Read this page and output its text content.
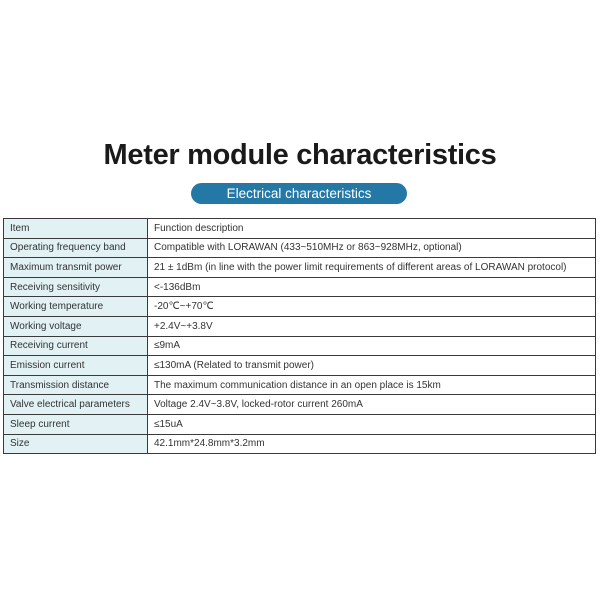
Meter module characteristics
Electrical characteristics
Item	Function description
Operating frequency band	Compatible with LORAWAN (433~510MHz or 863~928MHz, optional)
Maximum transmit power	21 ± 1dBm (in line with the power limit requirements of different areas of LORAWAN protocol)
Receiving sensitivity	<-136dBm
Working temperature	-20℃~+70℃
Working voltage	+2.4V~+3.8V
Receiving current	≤9mA
Emission current	≤130mA (Related to transmit power)
Transmission distance	The maximum communication distance in an open place is 15km
Valve electrical parameters	Voltage 2.4V~3.8V, locked-rotor current 260mA
Sleep current	≤15uA
Size	42.1mm*24.8mm*3.2mm
